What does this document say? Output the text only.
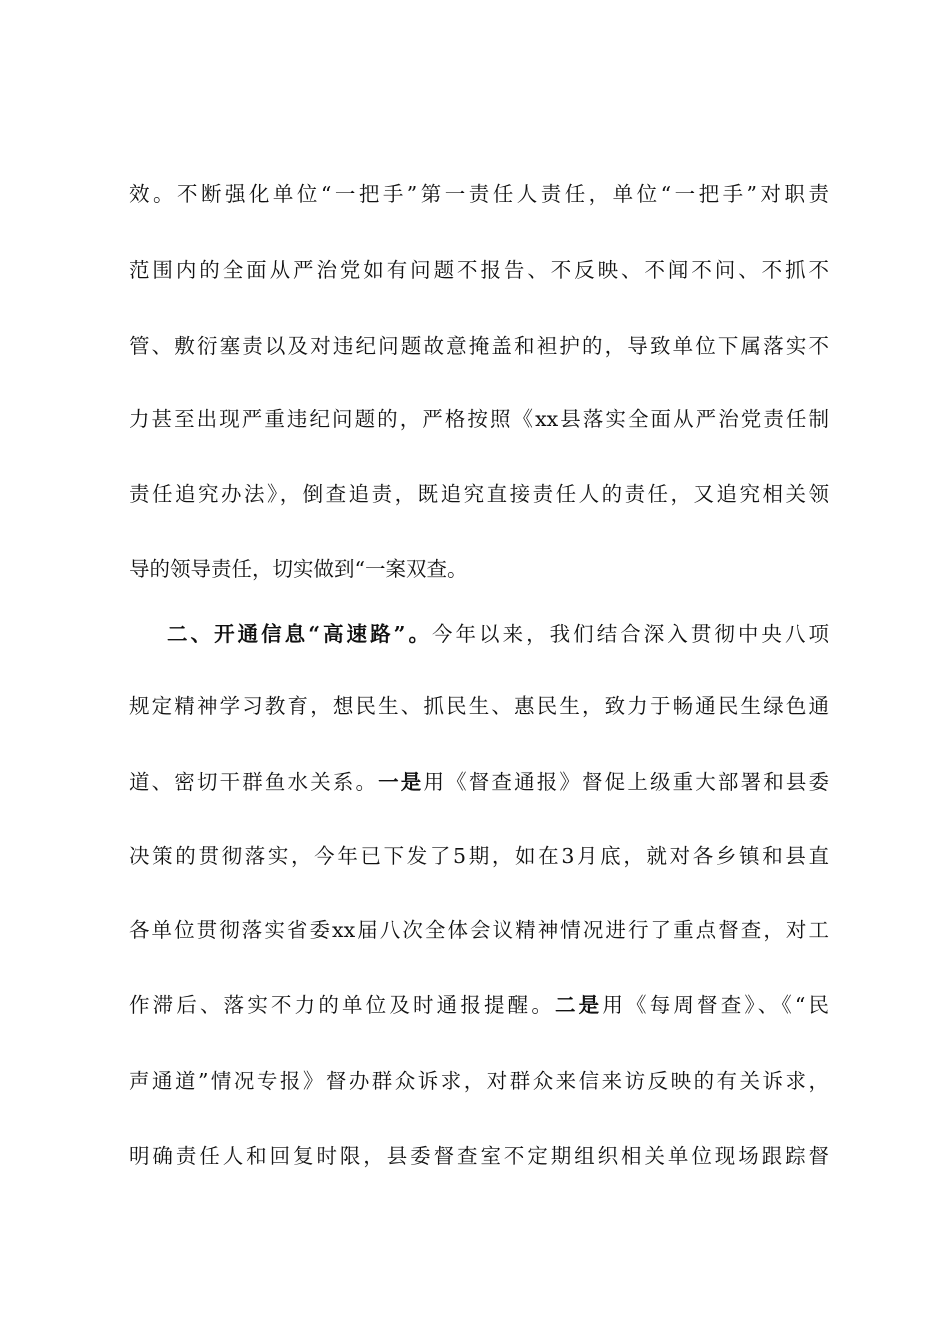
效。不断强化单位“一把手”第一责任人责任，单位“一把手”对职责
范围内的全面从严治党如有问题不报告、不反映、不闻不问、不抓不
管、敷衍塞责以及对违纪问题故意掩盖和袒护的，导致单位下属落实不
力甚至出现严重违纪问题的，严格按照《xx县落实全面从严治党责任制
责任追究办法》，倒查追责，既追究直接责任人的责任，又追究相关领
导的领导责任，切实做到“一案双查。
二、开通信息“高速路”。今年以来，我们结合深入贯彻中央八项
规定精神学习教育，想民生、抓民生、惠民生，致力于畅通民生绿色通
道、密切干群鱼水关系。一是用《督查通报》督促上级重大部署和县委
决策的贯彻落实，今年已下发了5期，如在3月底，就对各乡镇和县直
各单位贯彻落实省委xx届八次全体会议精神情况进行了重点督查，对工
作滞后、落实不力的单位及时通报提醒。二是用《每周督查》、《“民
声通道”情况专报》督办群众诉求，对群众来信来访反映的有关诉求，
明确责任人和回复时限，县委督查室不定期组织相关单位现场跟踪督
